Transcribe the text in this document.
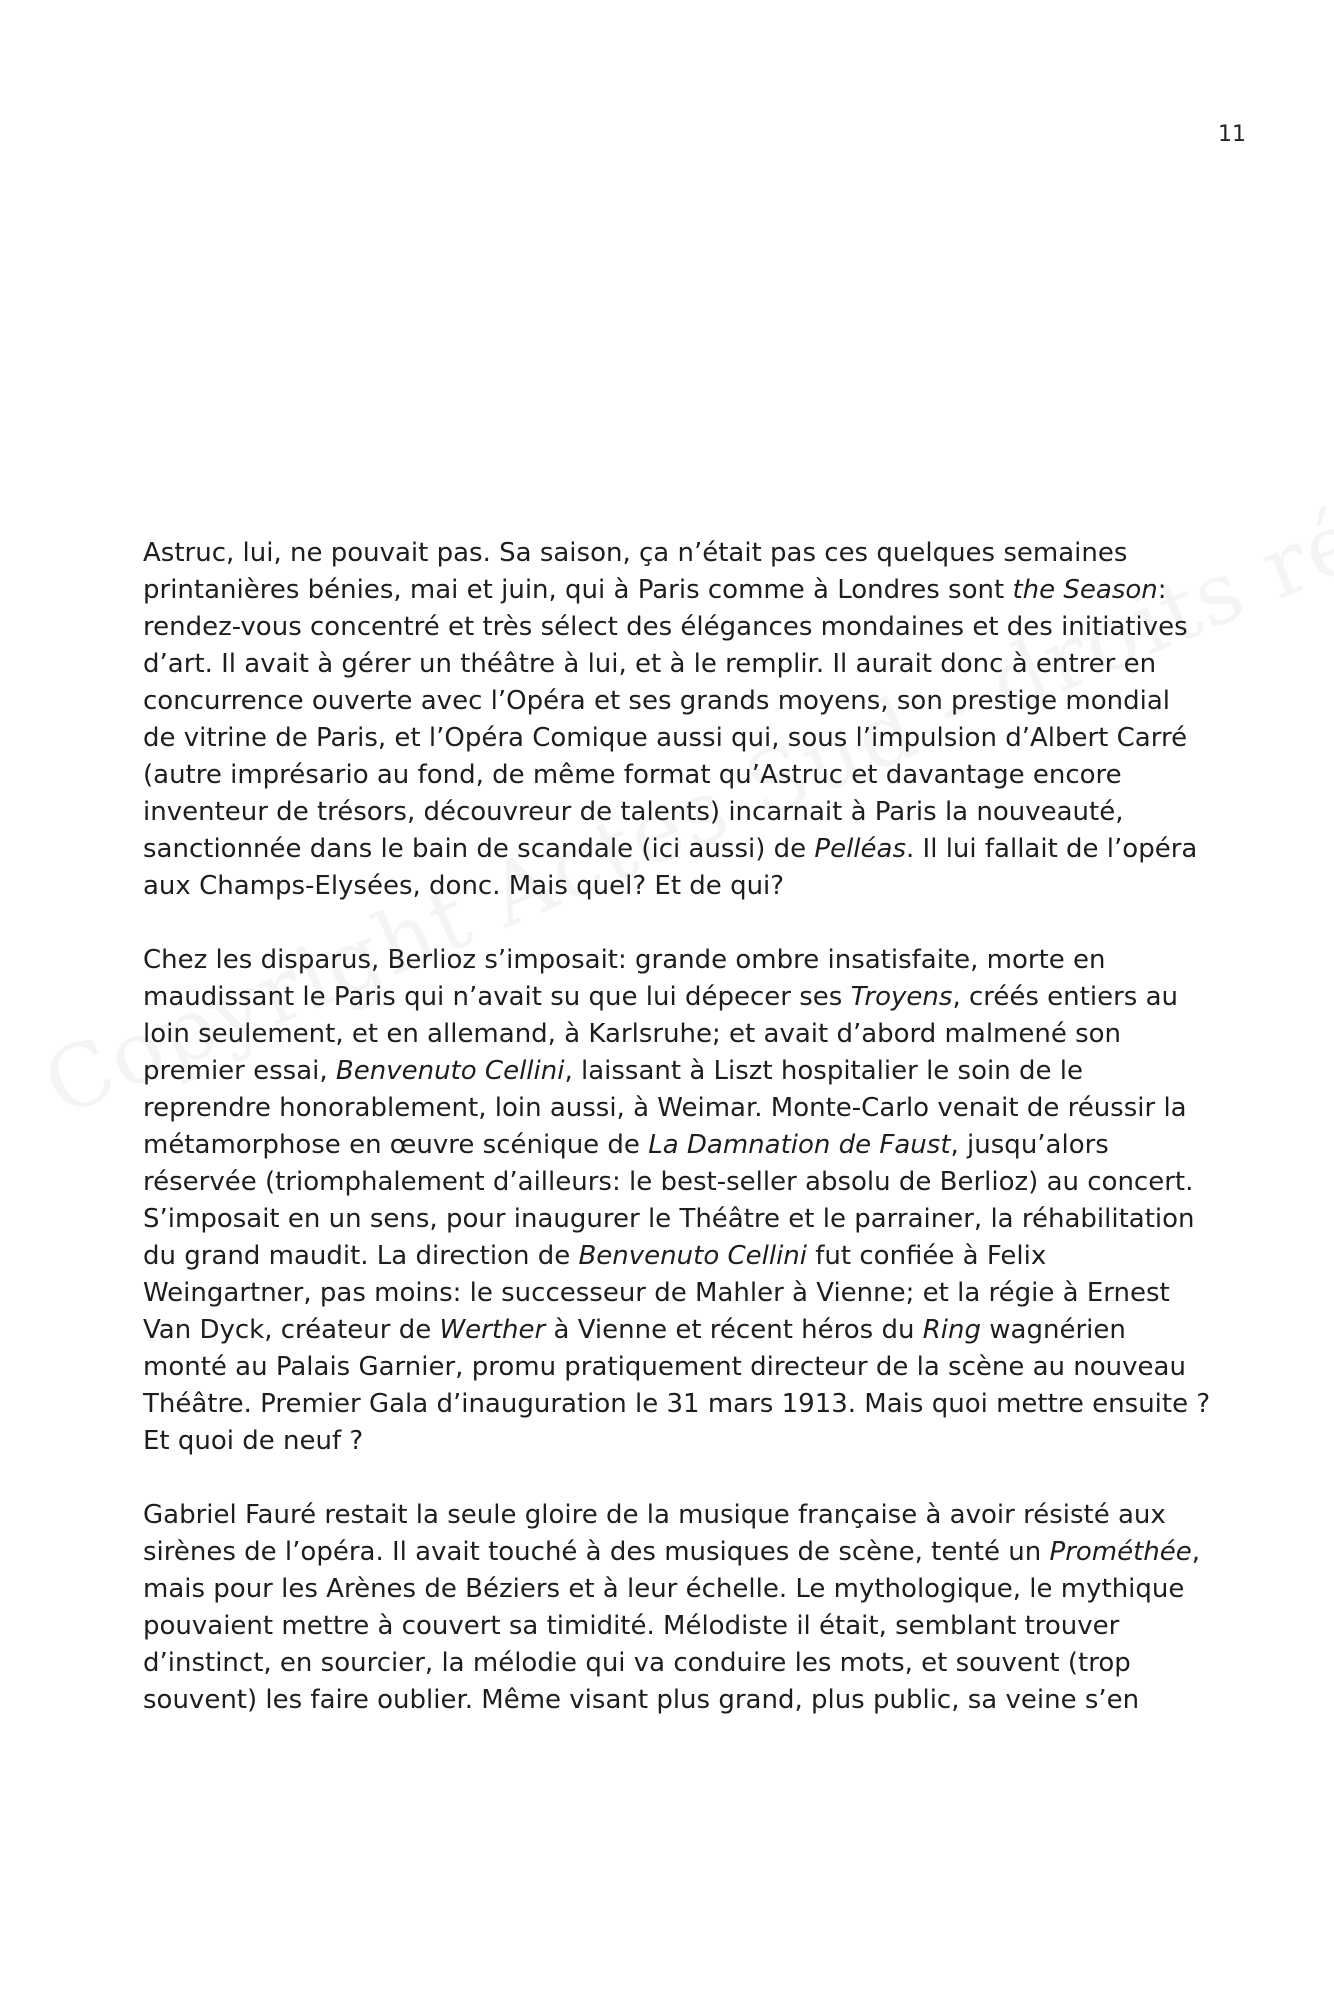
11

Astruc, lui, ne pouvait pas. Sa saison, ça n’était pas ces quelques semaines
printanières bénies, mai et juin, qui à Paris comme à Londres sont the Season:
rendez-vous concentré et très sélect des élégances mondaines et des initiatives
d’art. Il avait à gérer un théâtre à lui, et à le remplir. Il aurait donc à entrer en
concurrence ouverte avec l’Opéra et ses grands moyens, son prestige mondial
de vitrine de Paris, et l’Opéra Comique aussi qui, sous l’impulsion d’Albert Carré
(autre imprésario au fond, de même format qu’Astruc et davantage encore
inventeur de trésors, découvreur de talents) incarnait à Paris la nouveauté,
sanctionnée dans le bain de scandale (ici aussi) de Pelléas. Il lui fallait de l’opéra
aux Champs-Elysées, donc. Mais quel? Et de qui?

Chez les disparus, Berlioz s’imposait: grande ombre insatisfaite, morte en
maudissant le Paris qui n’avait su que lui dépecer ses Troyens, créés entiers au
loin seulement, et en allemand, à Karlsruhe; et avait d’abord malmené son
premier essai, Benvenuto Cellini, laissant à Liszt hospitalier le soin de le
reprendre honorablement, loin aussi, à Weimar. Monte-Carlo venait de réussir la
métamorphose en œuvre scénique de La Damnation de Faust, jusqu’alors
réservée (triomphalement d’ailleurs: le best-seller absolu de Berlioz) au concert.
S’imposait en un sens, pour inaugurer le Théâtre et le parrainer, la réhabilitation
du grand maudit. La direction de Benvenuto Cellini fut confiée à Felix
Weingartner, pas moins: le successeur de Mahler à Vienne; et la régie à Ernest
Van Dyck, créateur de Werther à Vienne et récent héros du Ring wagnérien
monté au Palais Garnier, promu pratiquement directeur de la scène au nouveau
Théâtre. Premier Gala d’inauguration le 31 mars 1913. Mais quoi mettre ensuite ?
Et quoi de neuf ?

Gabriel Fauré restait la seule gloire de la musique française à avoir résisté aux
sirènes de l’opéra. Il avait touché à des musiques de scène, tenté un Prométhée,
mais pour les Arènes de Béziers et à leur échelle. Le mythologique, le mythique
pouvaient mettre à couvert sa timidité. Mélodiste il était, semblant trouver
d’instinct, en sourcier, la mélodie qui va conduire les mots, et souvent (trop
souvent) les faire oublier. Même visant plus grand, plus public, sa veine s’en
